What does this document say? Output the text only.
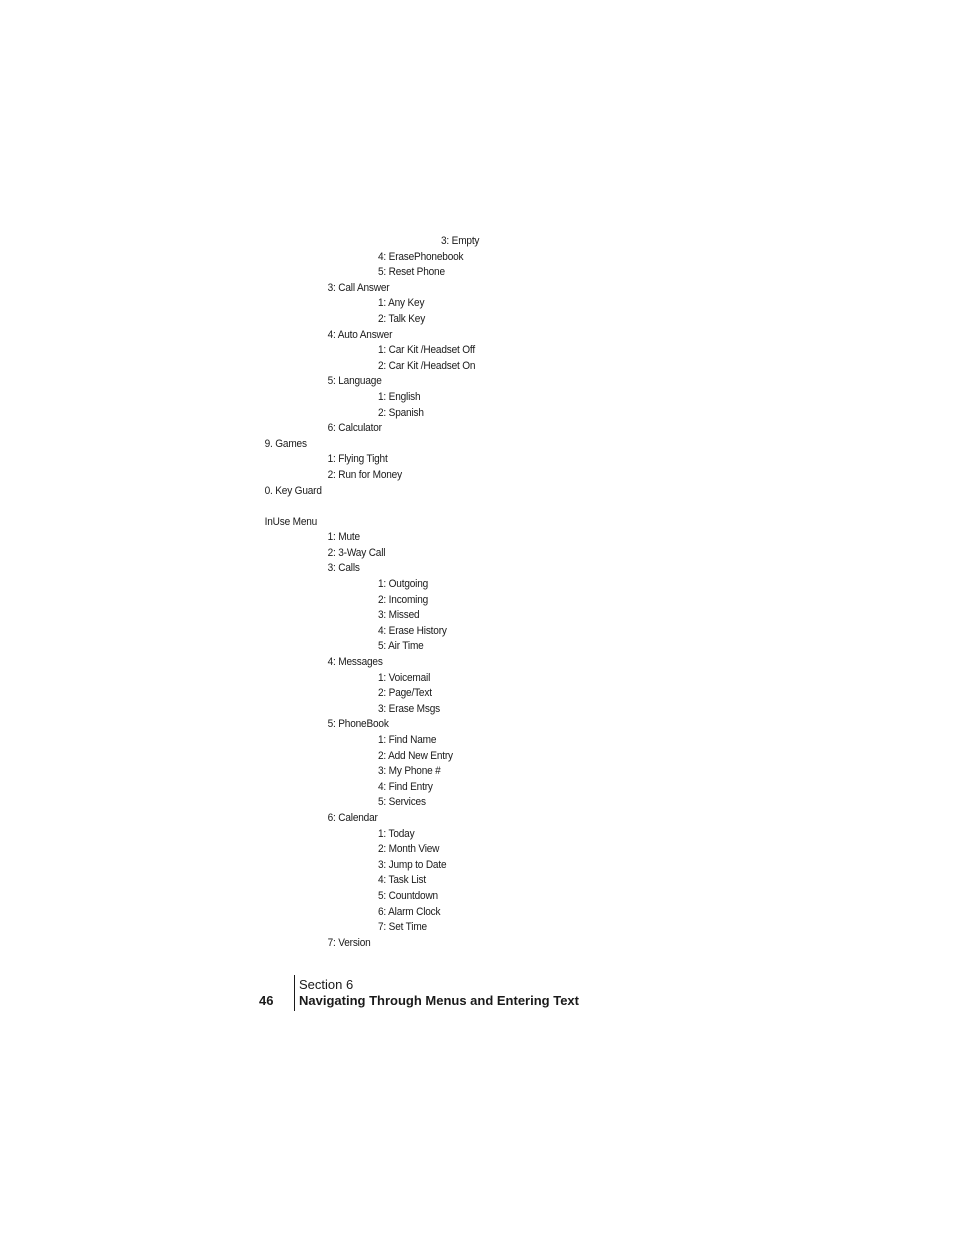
3: Empty
4: ErasePhonebook
5: Reset Phone
3: Call Answer
1: Any Key
2: Talk Key
4: Auto Answer
1: Car Kit /Headset Off
2: Car Kit /Headset On
5: Language
1: English
2: Spanish
6: Calculator
9. Games
1: Flying Tight
2: Run for Money
0. Key Guard
InUse Menu
1: Mute
2: 3-Way Call
3: Calls
1: Outgoing
2: Incoming
3: Missed
4: Erase History
5: Air Time
4: Messages
1: Voicemail
2: Page/Text
3: Erase Msgs
5: PhoneBook
1: Find Name
2: Add New Entry
3: My Phone #
4: Find Entry
5: Services
6: Calendar
1: Today
2: Month View
3: Jump to Date
4: Task List
5: Countdown
6: Alarm Clock
7: Set Time
7: Version
46
Section 6
Navigating Through Menus and Entering Text
